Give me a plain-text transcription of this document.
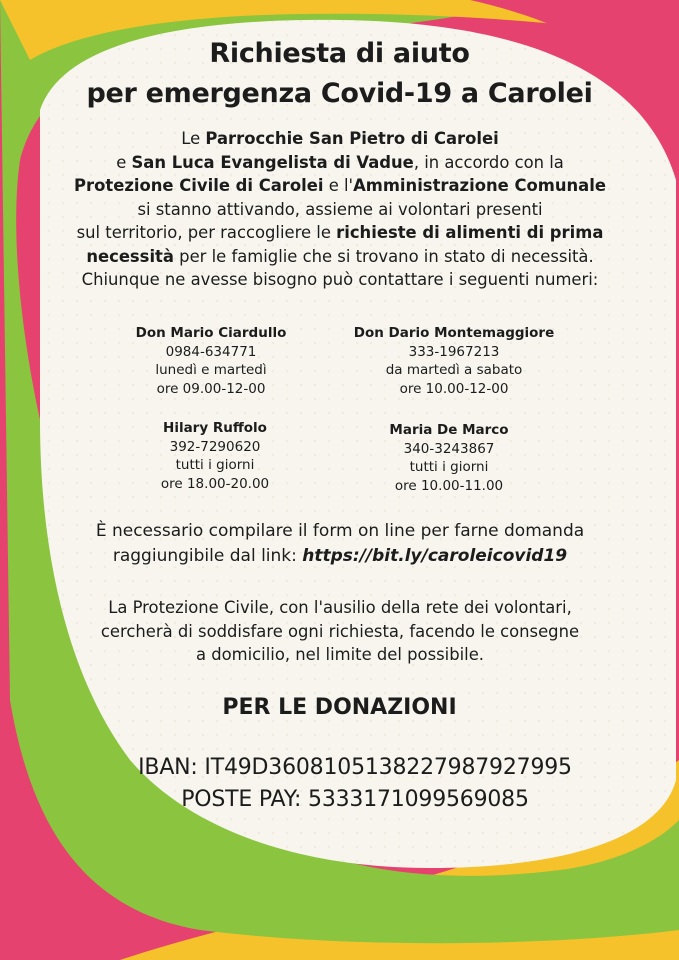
Richiesta di aiuto
per emergenza Covid-19 a Carolei
Le Parrocchie San Pietro di Carolei
e San Luca Evangelista di Vadue, in accordo con la
Protezione Civile di Carolei e l'Amministrazione Comunale
si stanno attivando, assieme ai volontari presenti
sul territorio, per raccogliere le richieste di alimenti di prima
necessità per le famiglie che si trovano in stato di necessità.
Chiunque ne avesse bisogno può contattare i seguenti numeri:
Don Mario Ciardullo
0984-634771
lunedì e martedì
ore 09.00-12-00
Don Dario Montemaggiore
333-1967213
da martedì a sabato
ore 10.00-12-00
Hilary Ruffolo
392-7290620
tutti i giorni
ore 18.00-20.00
Maria De Marco
340-3243867
tutti i giorni
ore 10.00-11.00
È necessario compilare il form on line per farne domanda
raggiungibile dal link: https://bit.ly/caroleicovid19
La Protezione Civile, con l'ausilio della rete dei volontari,
cercherà di soddisfare ogni richiesta, facendo le consegne
a domicilio, nel limite del possibile.
PER LE DONAZIONI
IBAN: IT49D3608105138227987927995
POSTE PAY: 5333171099569085
